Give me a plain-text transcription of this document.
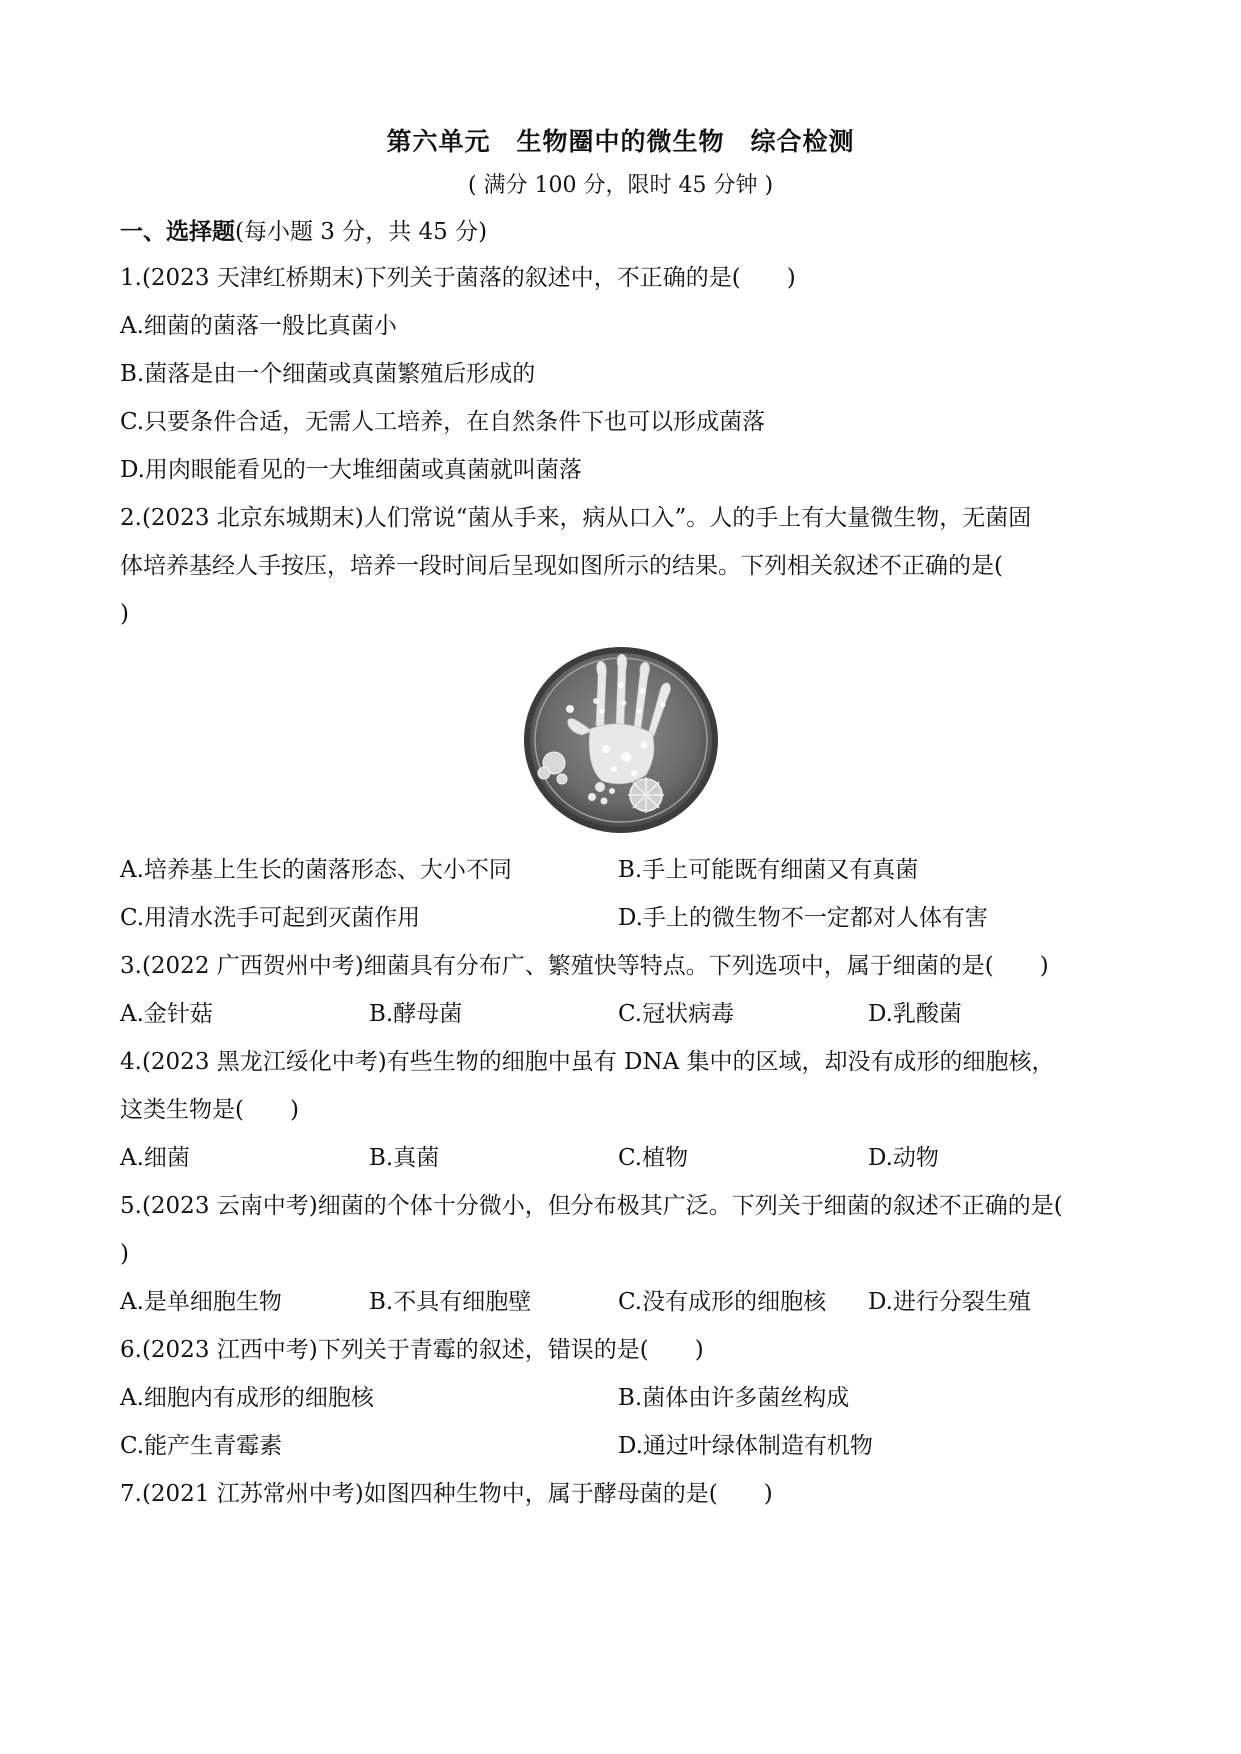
第六单元　生物圈中的微生物　综合检测
( 满分 100 分，限时 45 分钟 )
一、选择题(每小题 3 分，共 45 分)
1.(2023 天津红桥期末)下列关于菌落的叙述中，不正确的是(　　)
A.细菌的菌落一般比真菌小
B.菌落是由一个细菌或真菌繁殖后形成的
C.只要条件合适，无需人工培养，在自然条件下也可以形成菌落
D.用肉眼能看见的一大堆细菌或真菌就叫菌落
2.(2023 北京东城期末)人们常说“菌从手来，病从口入”。人的手上有大量微生物，无菌固
体培养基经人手按压，培养一段时间后呈现如图所示的结果。下列相关叙述不正确的是(
)
A.培养基上生长的菌落形态、大小不同	B.手上可能既有细菌又有真菌
C.用清水洗手可起到灭菌作用	D.手上的微生物不一定都对人体有害
3.(2022 广西贺州中考)细菌具有分布广、繁殖快等特点。下列选项中，属于细菌的是(　　)
A.金针菇	B.酵母菌	C.冠状病毒	D.乳酸菌
4.(2023 黑龙江绥化中考)有些生物的细胞中虽有 DNA 集中的区域，却没有成形的细胞核，
这类生物是(　　)
A.细菌	B.真菌	C.植物	D.动物
5.(2023 云南中考)细菌的个体十分微小，但分布极其广泛。下列关于细菌的叙述不正确的是(
)
A.是单细胞生物	B.不具有细胞壁	C.没有成形的细胞核 D.进行分裂生殖
6.(2023 江西中考)下列关于青霉的叙述，错误的是(　　)
A.细胞内有成形的细胞核	B.菌体由许多菌丝构成
C.能产生青霉素	D.通过叶绿体制造有机物
7.(2021 江苏常州中考)如图四种生物中，属于酵母菌的是(　　)
